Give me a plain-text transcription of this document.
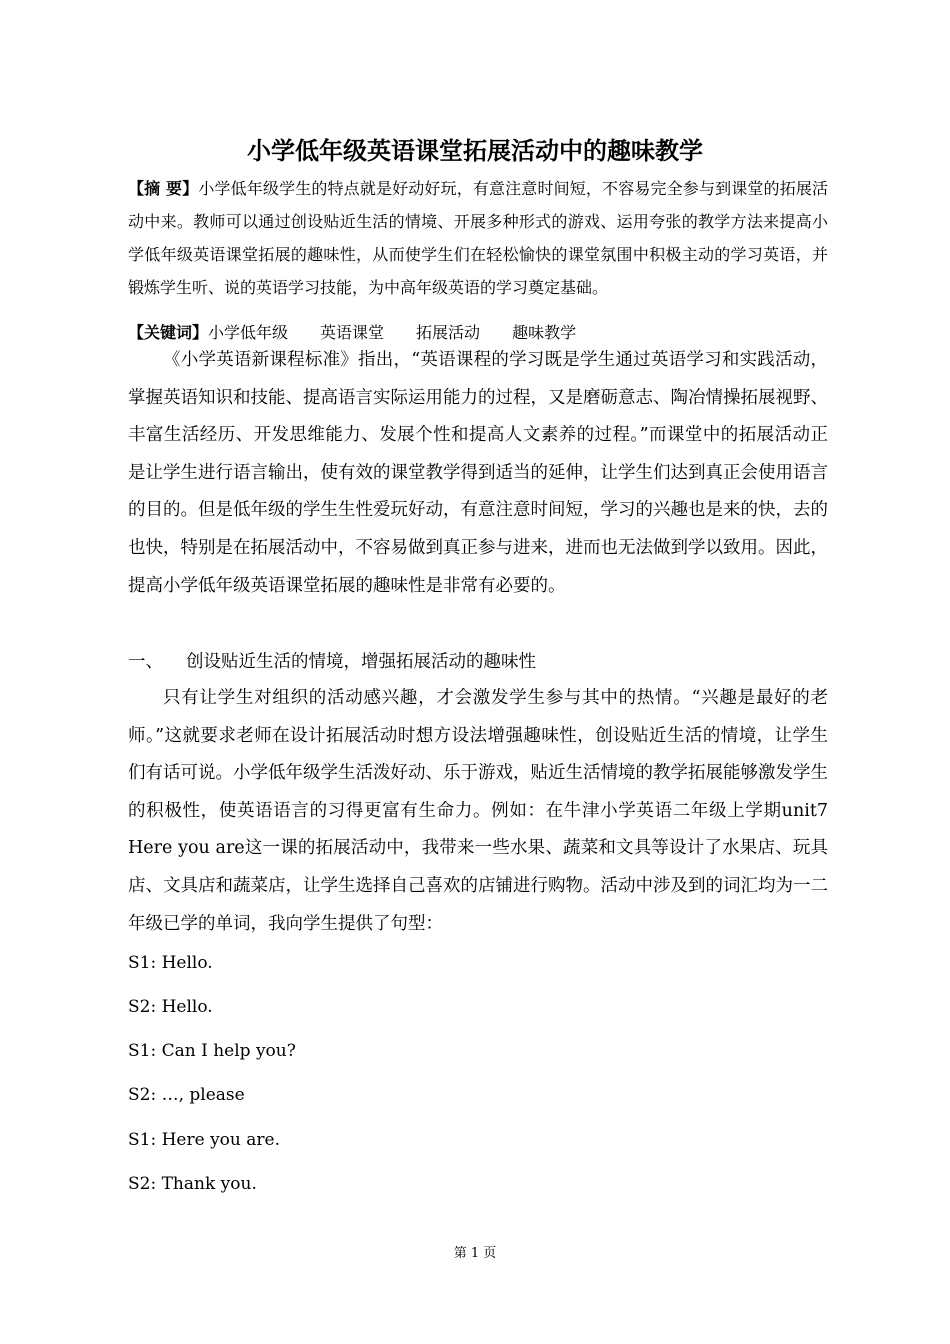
小学低年级英语课堂拓展活动中的趣味教学
【摘 要】小学低年级学生的特点就是好动好玩，有意注意时间短，不容易完全参与到课堂的拓展活动中来。教师可以通过创设贴近生活的情境、开展多种形式的游戏、运用夸张的教学方法来提高小学低年级英语课堂拓展的趣味性，从而使学生们在轻松愉快的课堂氛围中积极主动的学习英语，并锻炼学生听、说的英语学习技能，为中高年级英语的学习奠定基础。
【关键词】小学低年级 英语课堂 拓展活动 趣味教学
《小学英语新课程标准》指出，“英语课程的学习既是学生通过英语学习和实践活动，掌握英语知识和技能、提高语言实际运用能力的过程，又是磨砺意志、陶冶情操拓展视野、丰富生活经历、开发思维能力、发展个性和提高人文素养的过程。”而课堂中的拓展活动正是让学生进行语言输出，使有效的课堂教学得到适当的延伸，让学生们达到真正会使用语言的目的。但是低年级的学生生性爱玩好动，有意注意时间短，学习的兴趣也是来的快，去的也快，特别是在拓展活动中，不容易做到真正参与进来，进而也无法做到学以致用。因此，提高小学低年级英语课堂拓展的趣味性是非常有必要的。
一、 创设贴近生活的情境，增强拓展活动的趣味性
只有让学生对组织的活动感兴趣，才会激发学生参与其中的热情。“兴趣是最好的老师。”这就要求老师在设计拓展活动时想方设法增强趣味性，创设贴近生活的情境，让学生们有话可说。小学低年级学生活泼好动、乐于游戏，贴近生活情境的教学拓展能够激发学生的积极性，使英语语言的习得更富有生命力。例如：在牛津小学英语二年级上学期unit7 Here you are这一课的拓展活动中，我带来一些水果、蔬菜和文具等设计了水果店、玩具店、文具店和蔬菜店，让学生选择自己喜欢的店铺进行购物。活动中涉及到的词汇均为一二年级已学的单词，我向学生提供了句型：
S1: Hello.
S2: Hello.
S1: Can I help you?
S2: …, please
S1: Here you are.
S2: Thank you.
第 1 页
